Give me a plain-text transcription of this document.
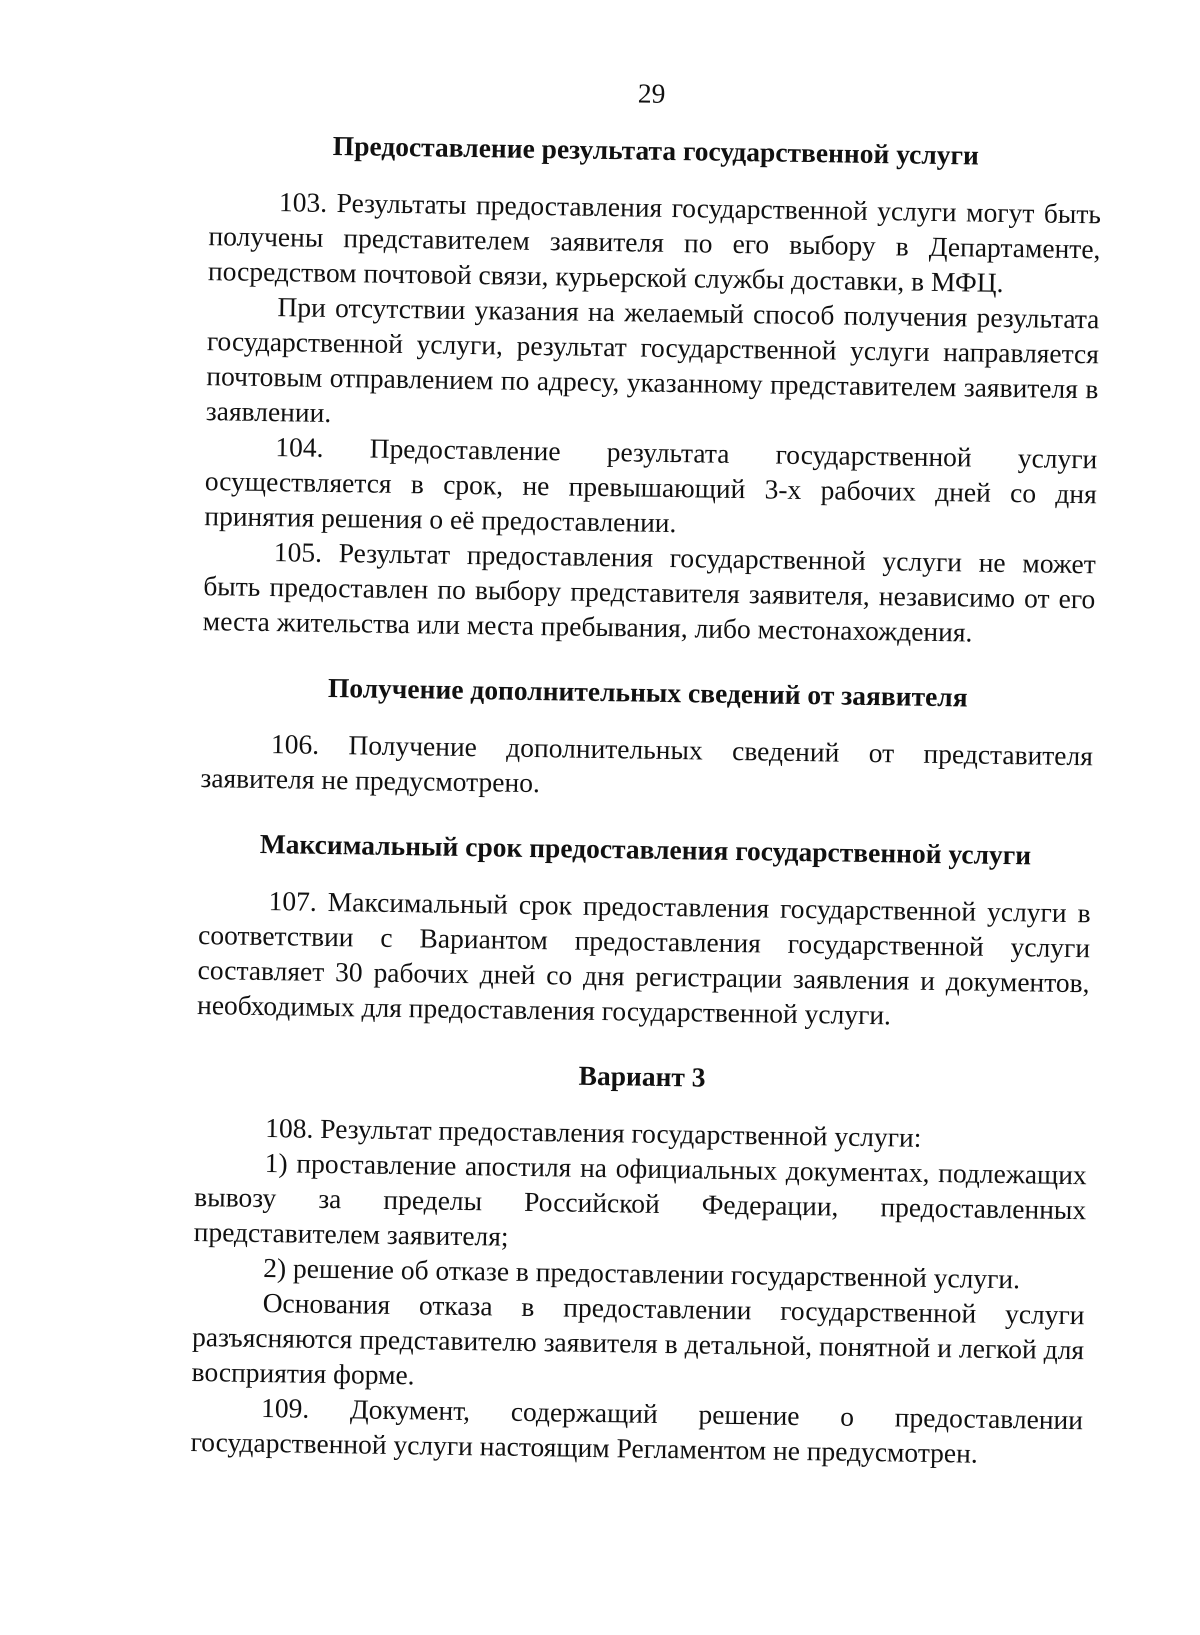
29
Предоставление результата государственной услуги

103. Результаты предоставления государственной услуги могут быть получены представителем заявителя по его выбору в Департаменте, посредством почтовой связи, курьерской службы доставки, в МФЦ.

При отсутствии указания на желаемый способ получения результата государственной услуги, результат государственной услуги направляется почтовым отправлением по адресу, указанному представителем заявителя в заявлении.

104. Предоставление результата государственной услуги

осуществляется в срок, не превышающий 3-х рабочих дней со дня принятия решения о её предоставлении.

105. Результат предоставления государственной услуги не может быть предоставлен по выбору представителя заявителя, независимо от его места жительства или места пребывания, либо местонахождения.

Получение дополнительных сведений от заявителя

106. Получение дополнительных сведений от представителя заявителя не предусмотрено.

Максимальный срок предоставления государственной услуги

107. Максимальный срок предоставления государственной услуги в соответствии с Вариантом предоставления государственной услуги составляет 30 рабочих дней со дня регистрации заявления и документов, необходимых для предоставления государственной услуги.

Вариант 3

108. Результат предоставления государственной услуги:

1) проставление апостиля на официальных документах, подлежащих вывозу за пределы Российской Федерации, предоставленных представителем заявителя;

2) решение об отказе в предоставлении государственной услуги.

Основания отказа в предоставлении государственной услуги

разъясняются представителю заявителя в детальной, понятной и легкой для восприятия форме.

109. Документ, содержащий решение о предоставлении

государственной услуги настоящим Регламентом не предусмотрен.
